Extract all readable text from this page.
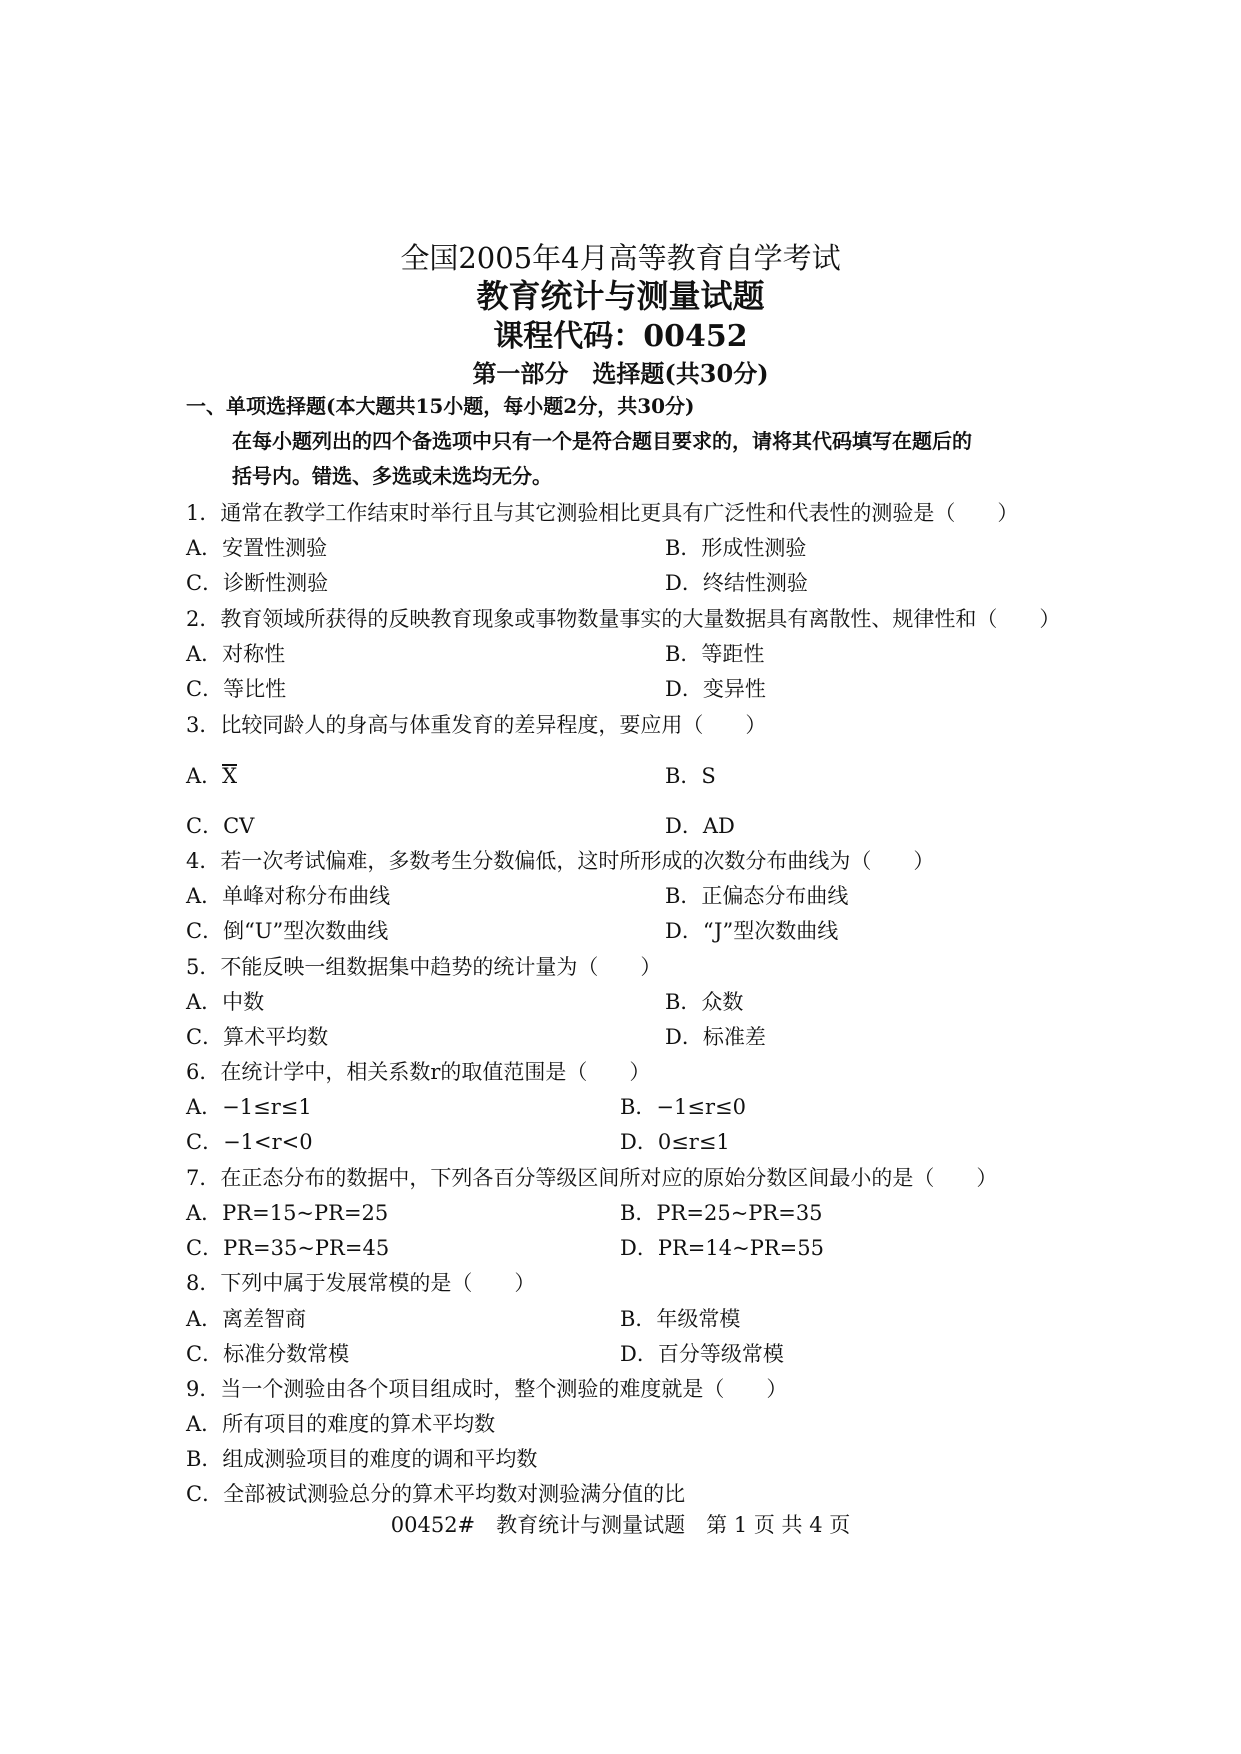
全国2005年4月高等教育自学考试
教育统计与测量试题
课程代码：00452
第一部分　选择题(共30分)
一、单项选择题(本大题共15小题，每小题2分，共30分)
在每小题列出的四个备选项中只有一个是符合题目要求的，请将其代码填写在题后的
括号内。错选、多选或未选均无分。
1．通常在教学工作结束时举行且与其它测验相比更具有广泛性和代表性的测验是（　　）
A．安置性测验	B．形成性测验
C．诊断性测验	D．终结性测验
2．教育领域所获得的反映教育现象或事物数量事实的大量数据具有离散性、规律性和（　　）
A．对称性	B．等距性
C．等比性	D．变异性
3．比较同龄人的身高与体重发育的差异程度，要应用（　　）
A．X	B．S
C．CV	D．AD
4．若一次考试偏难，多数考生分数偏低，这时所形成的次数分布曲线为（　　）
A．单峰对称分布曲线	B．正偏态分布曲线
C．倒“U”型次数曲线	D．“J”型次数曲线
5．不能反映一组数据集中趋势的统计量为（　　）
A．中数	B．众数
C．算术平均数	D．标准差
6．在统计学中，相关系数r的取值范围是（　　）
A．−1≤r≤1	B．−1≤r≤0
C．−1<r<0	D．0≤r≤1
7．在正态分布的数据中，下列各百分等级区间所对应的原始分数区间最小的是（　　）
A．PR=15~PR=25	B．PR=25~PR=35
C．PR=35~PR=45	D．PR=14~PR=55
8．下列中属于发展常模的是（　　）
A．离差智商	B．年级常模
C．标准分数常模	D．百分等级常模
9．当一个测验由各个项目组成时，整个测验的难度就是（　　）
A．所有项目的难度的算术平均数
B．组成测验项目的难度的调和平均数
C．全部被试测验总分的算术平均数对测验满分值的比
00452#　教育统计与测量试题　第 1 页 共 4 页
